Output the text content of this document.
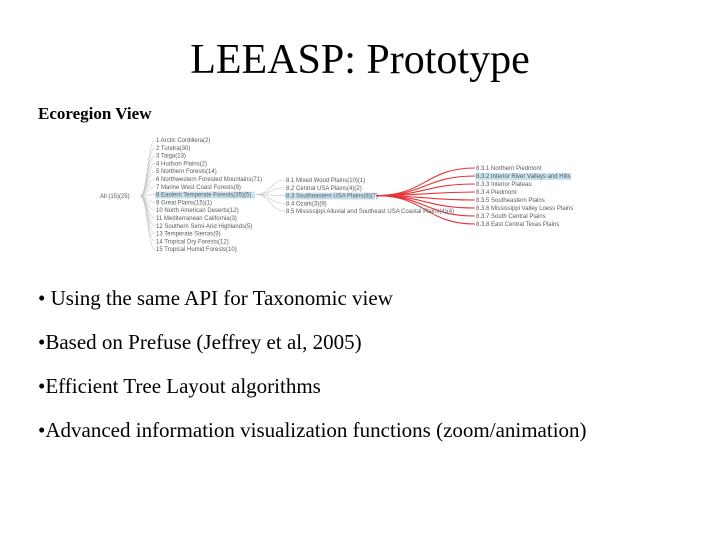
LEEASP: Prototype
Ecoregion View
All (15)(25)
1 Arctic Cordillera(2)
2 Tundra(30)
3 Taiga(13)
4 Hudson Plains(2)
5 Northern Forests(14)
6 Northwestern Forested Mountains(71)
7 Marine West Coast Forests(9)
8 Eastern Temperate Forests(35)(5)
9 Great Plains(15)(1)
10 North American Deserts(12)
11 Mediterranean California(3)
12 Southern Semi-Arid Highlands(5)
13 Temperate Sierras(9)
14 Tropical Dry Forests(12)
15 Tropical Humid Forests(10)
8.1 Mixed Wood Plains(10)(1)
8.2 Central USA Plains(4)(2)
8.3 Southeastern USA Plains(8)(7)
8.4 Ozark(3)(9)
8.5 Mississippi Alluvial and Southeast USA Coastal Plains(4)(4)
8.3.1 Northern Piedmont
8.3.2 Interior River Valleys and Hills
8.3.3 Interior Plateau
8.3.4 Piedmont
8.3.5 Southeastern Plains
8.3.6 Mississippi Valley Loess Plains
8.3.7 South Central Plains
8.3.8 East Central Texas Plains
• Using the same API for Taxonomic view
•Based on Prefuse (Jeffrey et al, 2005)
•Efficient Tree Layout algorithms
•Advanced information visualization functions (zoom/animation)
